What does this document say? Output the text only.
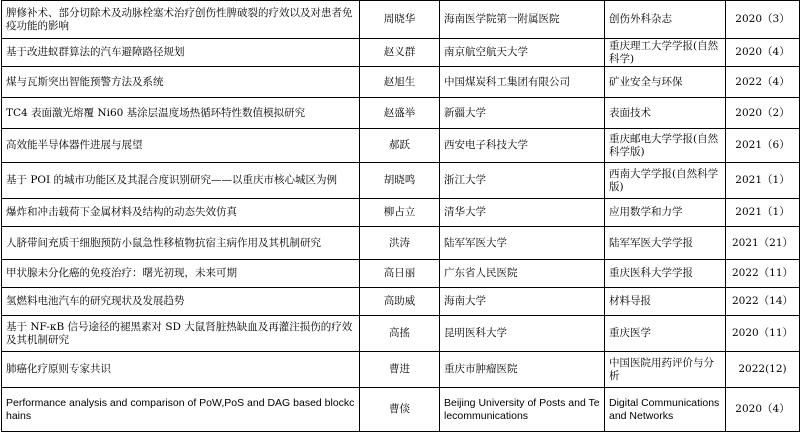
脾修补术、部分切除术及动脉栓塞术治疗创伤性脾破裂的疗效以及对患者免疫功能的影响	周晓华	海南医学院第一附属医院	创伤外科杂志	2020（3）
基于改进蚁群算法的汽车避障路径规划	赵义群	南京航空航天大学	重庆理工大学学报(自然科学)	2020（4）
煤与瓦斯突出智能预警方法及系统	赵旭生	中国煤炭科工集团有限公司	矿业安全与环保	2022（4）
TC4 表面激光熔覆 Ni60 基涂层温度场热循环特性数值模拟研究	赵盛举	新疆大学	表面技术	2020（2）
高效能半导体器件进展与展望	郝跃	西安电子科技大学	重庆邮电大学学报(自然科学版)	2021（6）
基于 POI 的城市功能区及其混合度识别研究——以重庆市核心城区为例	胡晓鸣	浙江大学	西南大学学报(自然科学版)	2021（1）
爆炸和冲击载荷下金属材料及结构的动态失效仿真	柳占立	清华大学	应用数学和力学	2021（1）
人脐带间充质干细胞预防小鼠急性移植物抗宿主病作用及其机制研究	洪涛	陆军军医大学	陆军军医大学学报	2021（21）
甲状腺未分化癌的免疫治疗：曙光初现，未来可期	高日丽	广东省人民医院	重庆医科大学学报	2022（11）
氢燃料电池汽车的研究现状及发展趋势	高助威	海南大学	材料导报	2022（14）
基于 NF-κB 信号途径的褪黑素对 SD 大鼠肾脏热缺血及再灌注损伤的疗效及其机制研究	高搖	昆明医科大学	重庆医学	2020（11）
肺癌化疗原则专家共识	曹进	重庆市肿瘤医院	中国医院用药评价与分析	2022(12)
Performance analysis and comparison of PoW,PoS and DAG based blockchains	曹倓	Beijing University of Posts and Telecommunications	Digital Communications and Networks	2020（4）
